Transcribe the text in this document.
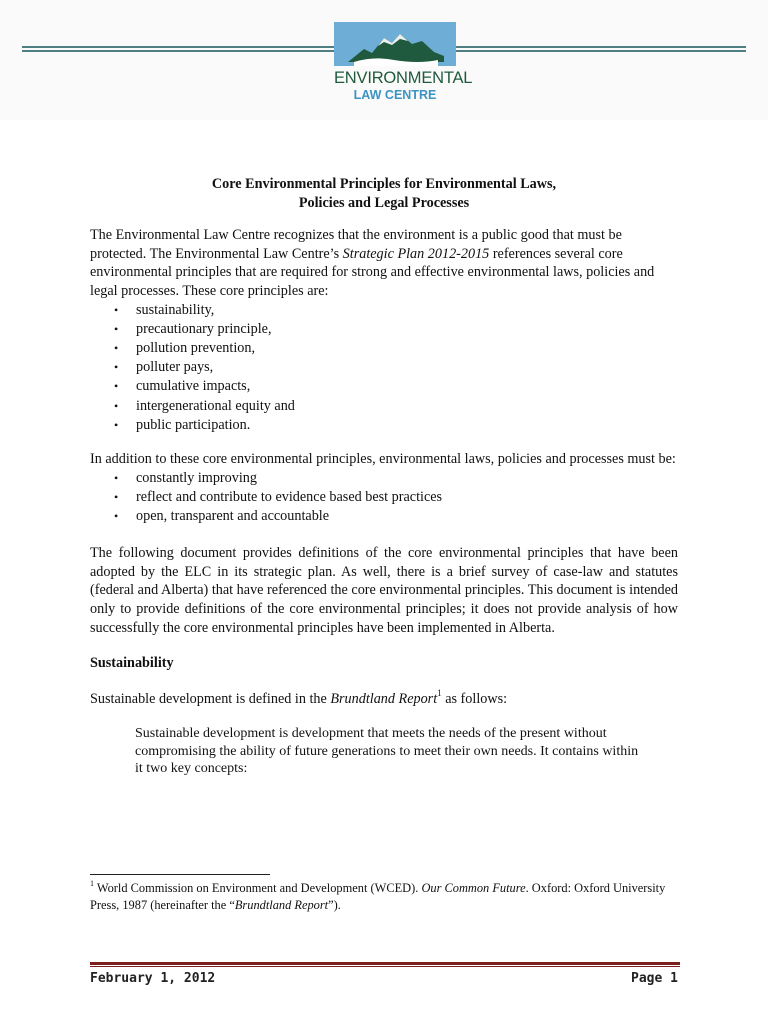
ENVIRONMENTAL
LAW CENTRE
Core Environmental Principles for Environmental Laws,
Policies and Legal Processes

The Environmental Law Centre recognizes that the environment is a public good that must be protected. The Environmental Law Centre’s Strategic Plan 2012-2015 references several core environmental principles that are required for strong and effective environmental laws, policies and legal processes. These core principles are:

• sustainability,
• precautionary principle,
• pollution prevention,
• polluter pays,
• cumulative impacts,
• intergenerational equity and
• public participation.

In addition to these core environmental principles, environmental laws, policies and processes must be:

• constantly improving
• reflect and contribute to evidence based best practices
• open, transparent and accountable

The following document provides definitions of the core environmental principles that have been adopted by the ELC in its strategic plan. As well, there is a brief survey of case-law and statutes (federal and Alberta) that have referenced the core environmental principles. This document is intended only to provide definitions of the core environmental principles; it does not provide analysis of how successfully the core environmental principles have been implemented in Alberta.

Sustainability

Sustainable development is defined in the Brundtland Report$^1$ as follows:

Sustainable development is development that meets the needs of the present without compromising the ability of future generations to meet their own needs. It contains within it two key concepts:

$^1$ World Commission on Environment and Development (WCED). Our Common Future. Oxford: Oxford University Press, 1987 (hereinafter the “Brundtland Report”).
February 1, 2012	Page 1
